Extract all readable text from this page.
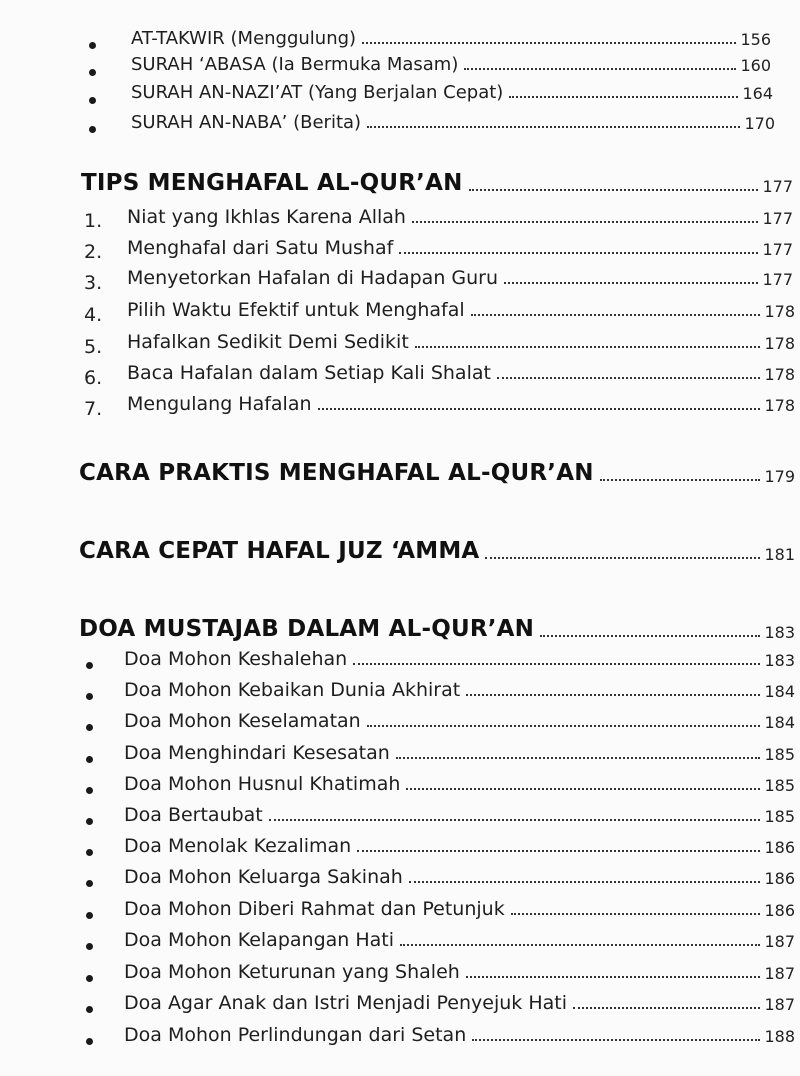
AT-TAKWIR (Menggulung)	156
SURAH ‘ABASA (Ia Bermuka Masam)	160
SURAH AN-NAZI’AT (Yang Berjalan Cepat)	164
SURAH AN-NABA’ (Berita)	170
TIPS MENGHAFAL AL-QUR’AN	177
1. Niat yang Ikhlas Karena Allah	177
2. Menghafal dari Satu Mushaf	177
3. Menyetorkan Hafalan di Hadapan Guru	177
4. Pilih Waktu Efektif untuk Menghafal	178
5. Hafalkan Sedikit Demi Sedikit	178
6. Baca Hafalan dalam Setiap Kali Shalat	178
7. Mengulang Hafalan	178
CARA PRAKTIS MENGHAFAL AL-QUR’AN	179
CARA CEPAT HAFAL JUZ ‘AMMA	181
DOA MUSTAJAB DALAM AL-QUR’AN	183
Doa Mohon Keshalehan	183
Doa Mohon Kebaikan Dunia Akhirat	184
Doa Mohon Keselamatan	184
Doa Menghindari Kesesatan	185
Doa Mohon Husnul Khatimah	185
Doa Bertaubat	185
Doa Menolak Kezaliman	186
Doa Mohon Keluarga Sakinah	186
Doa Mohon Diberi Rahmat dan Petunjuk	186
Doa Mohon Kelapangan Hati	187
Doa Mohon Keturunan yang Shaleh	187
Doa Agar Anak dan Istri Menjadi Penyejuk Hati	187
Doa Mohon Perlindungan dari Setan	188
